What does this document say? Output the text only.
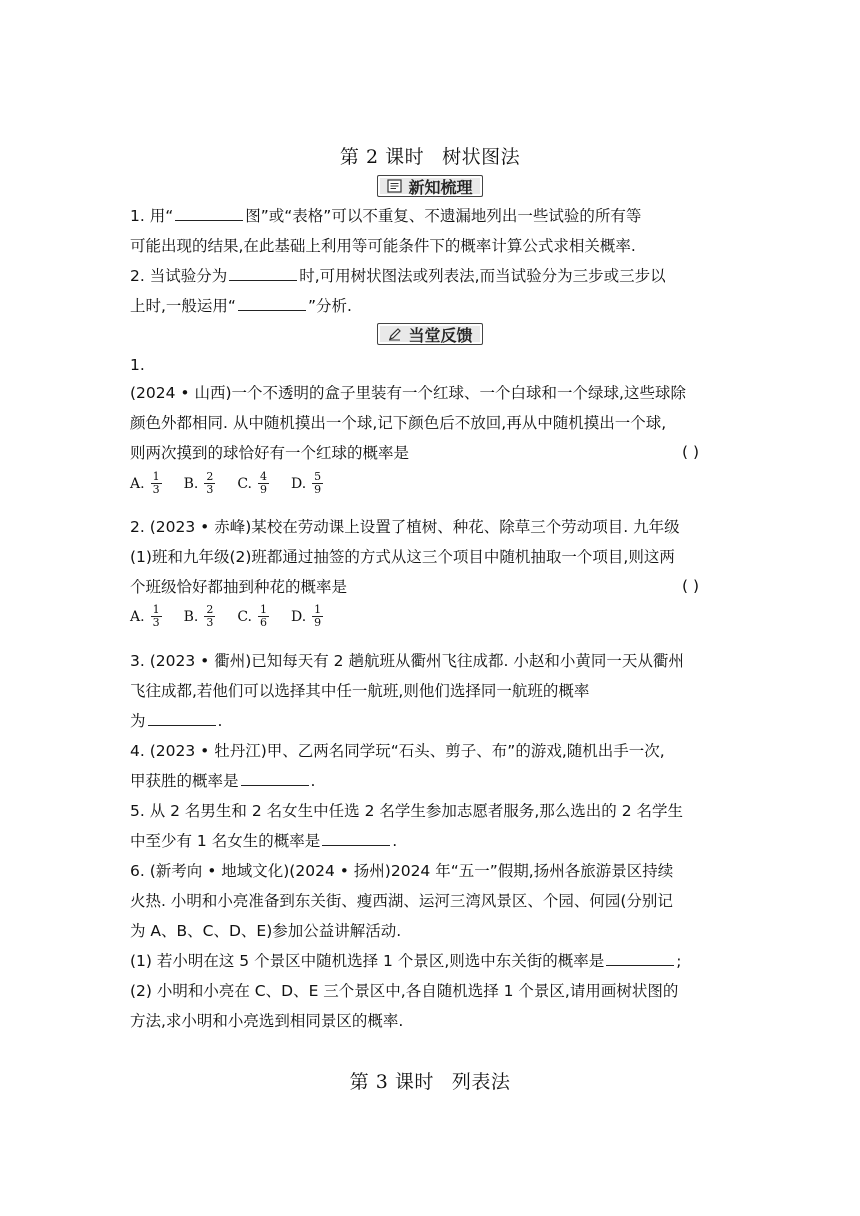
第 2 课时 树状图法
新知梳理
1. 用“	图”或“表格”可以不重复、不遗漏地列出一些试验的所有等
可能出现的结果,在此基础上利用等可能条件下的概率计算公式求相关概率.
2. 当试验分为	时,可用树状图法或列表法,而当试验分为三步或三步以
上时,一般运用“	”分析.
当堂反馈
1.
(2024 • 山西)一个不透明的盒子里装有一个红球、一个白球和一个绿球,这些球除
颜色外都相同. 从中随机摸出一个球,记下颜色后不放回,再从中随机摸出一个球,
则两次摸到的球恰好有一个红球的概率是	( )
A. $\frac{1}{3} B$. $\frac{2}{3} C$. $\frac{4}{9} D$. $\frac{5}{9}$
2. (2023 • 赤峰)某校在劳动课上设置了植树、种花、除草三个劳动项目. 九年级
(1)班和九年级(2)班都通过抽签的方式从这三个项目中随机抽取一个项目,则这两
个班级恰好都抽到种花的概率是	( )
A. $\frac{1}{3} B$. $\frac{2}{3} C$. $\frac{1}{6} D$. $\frac{1}{9}$
3. (2023 • 衢州)已知每天有 2 趟航班从衢州飞往成都. 小赵和小黄同一天从衢州
飞往成都,若他们可以选择其中任一航班,则他们选择同一航班的概率
为	.
4. (2023 • 牡丹江)甲、乙两名同学玩“石头、剪子、布”的游戏,随机出手一次,
甲获胜的概率是	.
5. 从 2 名男生和 2 名女生中任选 2 名学生参加志愿者服务,那么选出的 2 名学生
中至少有 1 名女生的概率是	.
6. (新考向 • 地域文化)(2024 • 扬州)2024 年“五一”假期,扬州各旅游景区持续
火热. 小明和小亮准备到东关街、瘦西湖、运河三湾风景区、个园、何园(分别记
为 A、B、C、D、E)参加公益讲解活动.
(1) 若小明在这 5 个景区中随机选择 1 个景区,则选中东关街的概率是	;
(2) 小明和小亮在 C、D、E 三个景区中,各自随机选择 1 个景区,请用画树状图的
方法,求小明和小亮选到相同景区的概率.
第 3 课时 列表法
